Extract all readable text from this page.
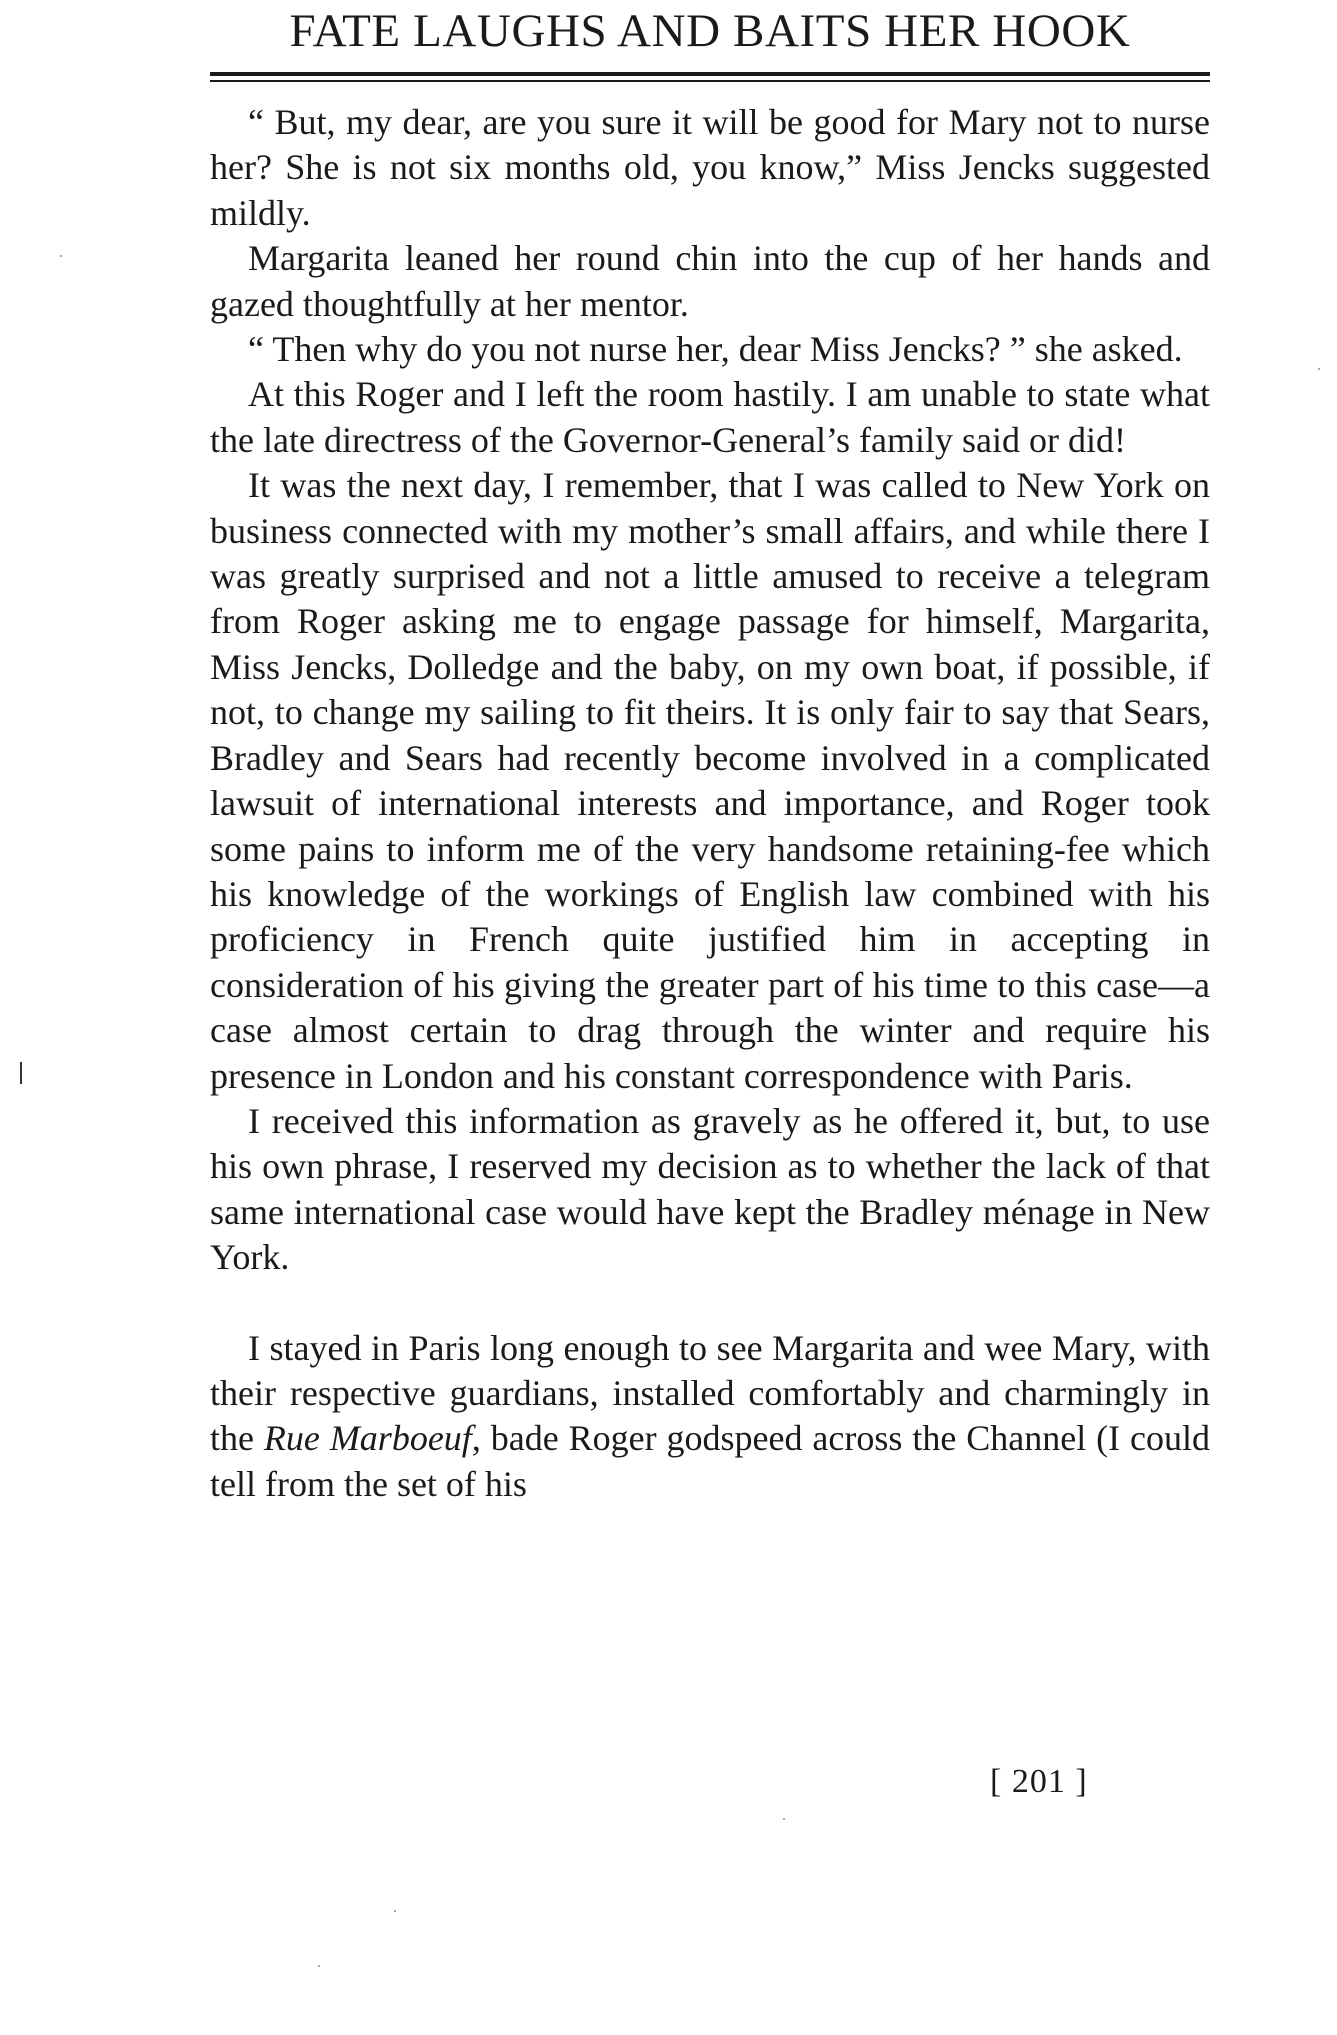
FATE LAUGHS AND BAITS HER HOOK

“ But, my dear, are you sure it will be good for Mary not to nurse her? She is not six months old, you know,” Miss Jencks suggested mildly.

Margarita leaned her round chin into the cup of her hands and gazed thoughtfully at her mentor.

“ Then why do you not nurse her, dear Miss Jencks? ” she asked.

At this Roger and I left the room hastily. I am unable to state what the late directress of the Governor-General’s family said or did!

It was the next day, I remember, that I was called to New York on business connected with my mother’s small affairs, and while there I was greatly surprised and not a little amused to receive a telegram from Roger asking me to engage passage for himself, Margarita, Miss Jencks, Dolledge and the baby, on my own boat, if possible, if not, to change my sailing to fit theirs. It is only fair to say that Sears, Bradley and Sears had recently become involved in a complicated lawsuit of international interests and importance, and Roger took some pains to inform me of the very handsome retaining-fee which his knowledge of the workings of English law combined with his proficiency in French quite justified him in accepting in consideration of his giving the greater part of his time to this case—a case almost certain to drag through the winter and require his presence in London and his constant correspondence with Paris.

I received this information as gravely as he offered it, but, to use his own phrase, I reserved my decision as to whether the lack of that same international case would have kept the Bradley ménage in New York.

I stayed in Paris long enough to see Margarita and wee Mary, with their respective guardians, installed comfortably and charmingly in the Rue Marboeuf, bade Roger godspeed across the Channel (I could tell from the set of his

[ 201 ]
